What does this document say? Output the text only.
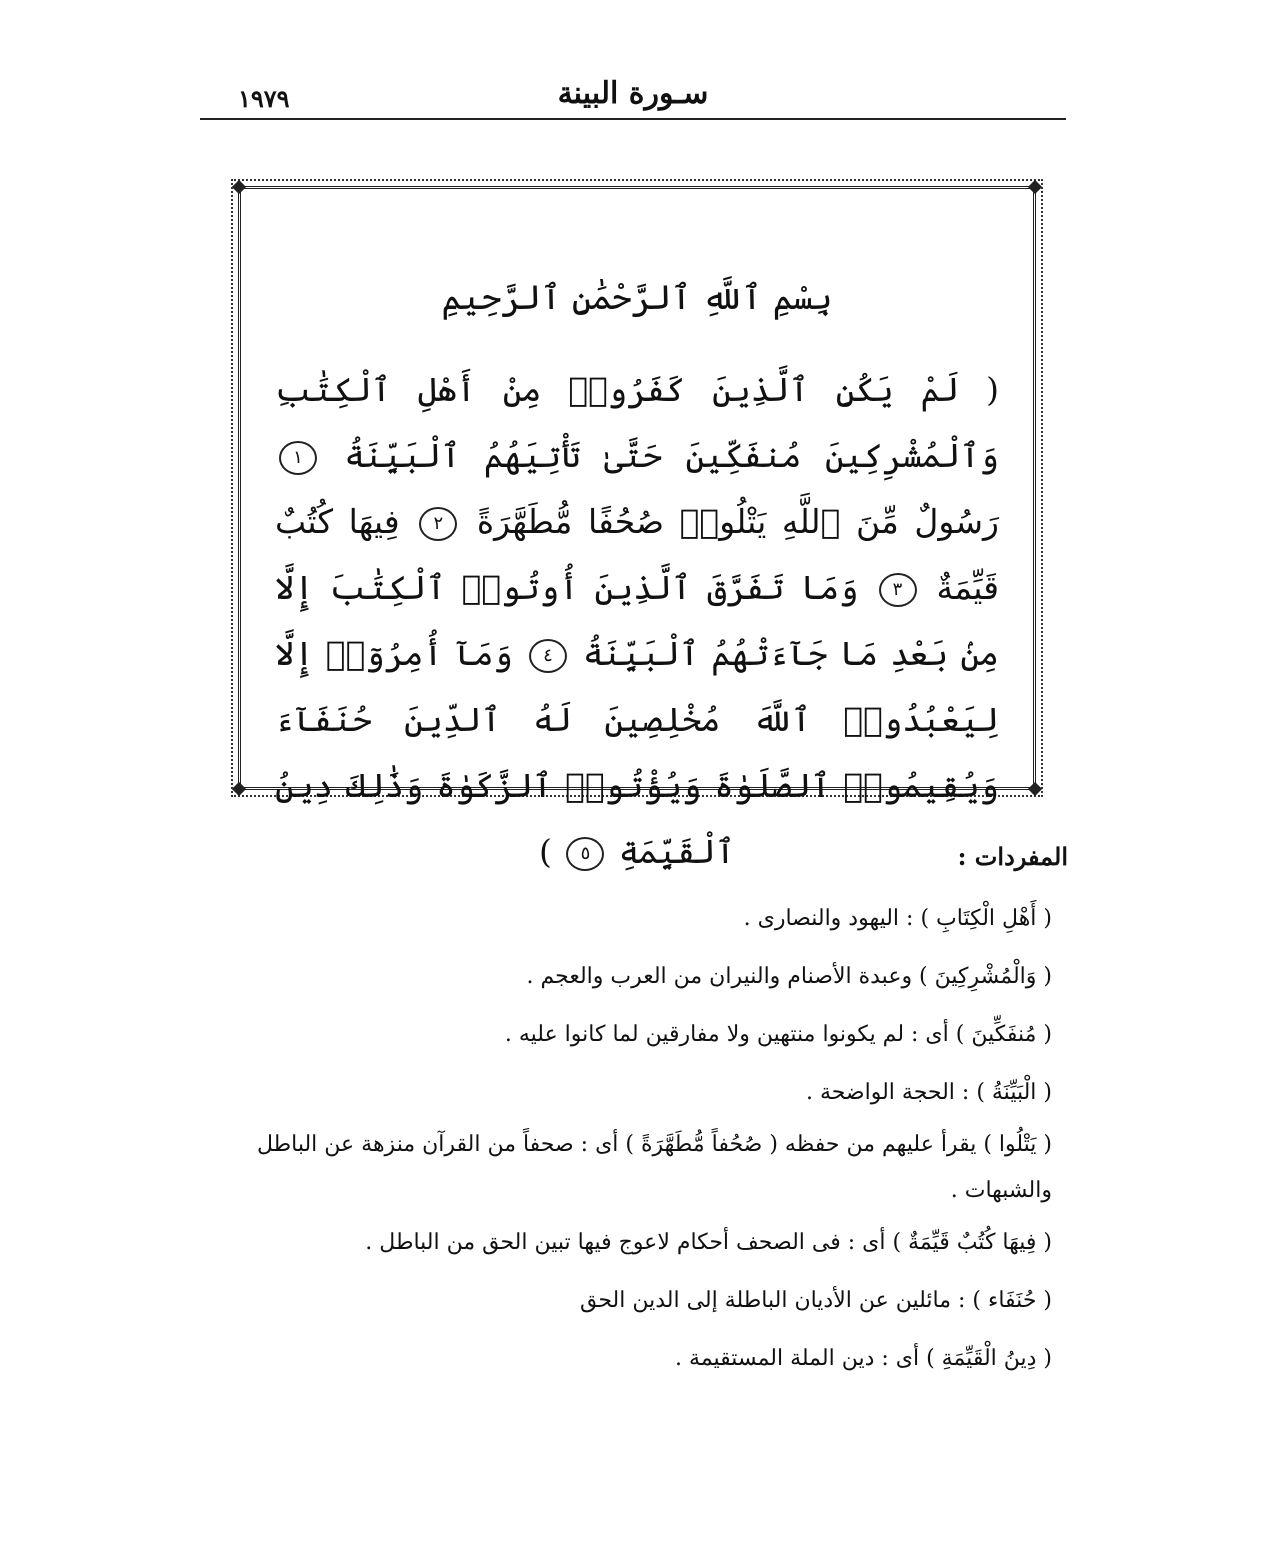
سـورة البينة
١٩٧٩
بِسْمِ ٱللَّهِ ٱلرَّحْمَٰنِ ٱلرَّحِيمِ
( لَمْ يَكُنِ ٱلَّذِينَ كَفَرُوا۟ مِنْ أَهْلِ ٱلْكِتَٰبِ وَٱلْمُشْرِكِينَ مُنفَكِّينَ حَتَّىٰ تَأْتِيَهُمُ ٱلْبَيِّنَةُ ١ رَسُولٌ مِّنَ ٱللَّهِ يَتْلُوا۟ صُحُفًا مُّطَهَّرَةً ٢ فِيهَا كُتُبٌ قَيِّمَةٌ ٣ وَمَا تَفَرَّقَ ٱلَّذِينَ أُوتُوا۟ ٱلْكِتَٰبَ إِلَّا مِنۢ بَعْدِ مَا جَآءَتْهُمُ ٱلْبَيِّنَةُ ٤ وَمَآ أُمِرُوٓا۟ إِلَّا لِيَعْبُدُوا۟ ٱللَّهَ مُخْلِصِينَ لَهُ ٱلدِّينَ حُنَفَآءَ وَيُقِيمُوا۟ ٱلصَّلَوٰةَ وَيُؤْتُوا۟ ٱلزَّكَوٰةَ وَذَٰلِكَ دِينُ ٱلْقَيِّمَةِ ٥ )	المفردات :
( أَهْلِ الْكِتَابِ ) : اليهود والنصارى .
( وَالْمُشْرِكِينَ ) وعبدة الأصنام والنيران من العرب والعجم .
( مُنفَكِّينَ ) أى : لم يكونوا منتهين ولا مفارقين لما كانوا عليه .
( الْبَيِّنَةُ ) : الحجة الواضحة .
( يَتْلُوا ) يقرأ عليهم من حفظه ( صُحُفاً مُّطَهَّرَةً ) أى : صحفاً من القرآن منزهة عن الباطل والشبهات .
( فِيهَا كُتُبٌ قَيِّمَةٌ ) أى : فى الصحف أحكام لاعوج فيها تبين الحق من الباطل .
( حُنَفَاء ) : مائلين عن الأديان الباطلة إلى الدين الحق
( دِينُ الْقَيِّمَةِ ) أى : دين الملة المستقيمة .
